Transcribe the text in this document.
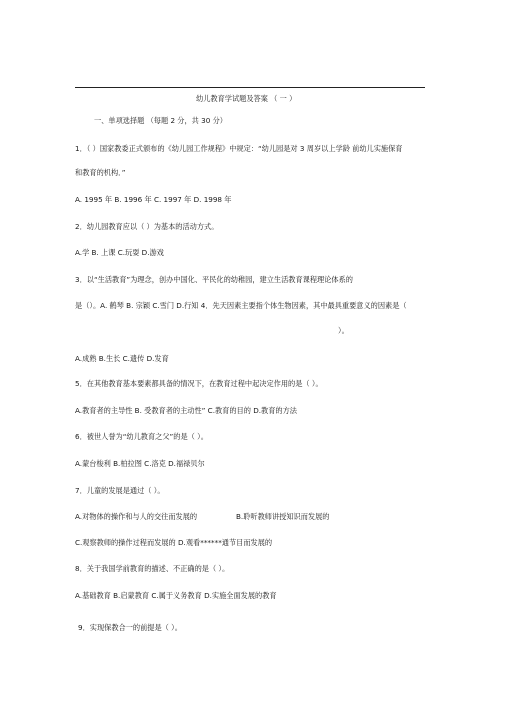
幼儿教育学试题及答案 （ 一 ）
一、单项选择题 （每题 2 分，共 30 分）
1．（ ）国家教委正式颁布的《幼儿园工作规程》中规定：“幼儿园是对 3 周岁以上学龄 前幼儿实施保育
和教育的机构．”
A. 1995 年 B. 1996 年 C. 1997 年 D. 1998 年
2．幼儿园教育应以（ ）为基本的活动方式。
A.学 B. 上课 C.玩耍 D.游戏
3．以“生活教育”为理念，创办中国化、平民化的幼稚园，建立生活教育课程理论体系的
是（）。A. 鹤琴 B. 宗颖 C.雪门 D.行知 4．先天因素主要指个体生物因素，其中最具重要意义的因素是（
）。
A.成熟 B.生长 C.遗传 D.发育
5．在其他教育基本要素都具备的情况下，在教育过程中起决定作用的是（ ）。
A.教育者的主导性 B. 受教育者的主动性” C.教育的目的 D.教育的方法
6．被世人誉为“幼儿教育之父”的是（ ）。
A.蒙台梭利 B.柏拉图 C.洛克 D.福禄贝尔
7．儿童的发展是通过（ ）。
A.对物体的操作和与人的交往而发展的	B.聆听教师讲授知识而发展的
C.观察教师的操作过程而发展的 D.观看******通节目而发展的
8．关于我国学前教育的描述、不正确的是（ ）。
A.基础教育 B.启蒙教育 C.属于义务教育 D.实施全面发展的教育
9．实现保教合一的前提是（ ）。
